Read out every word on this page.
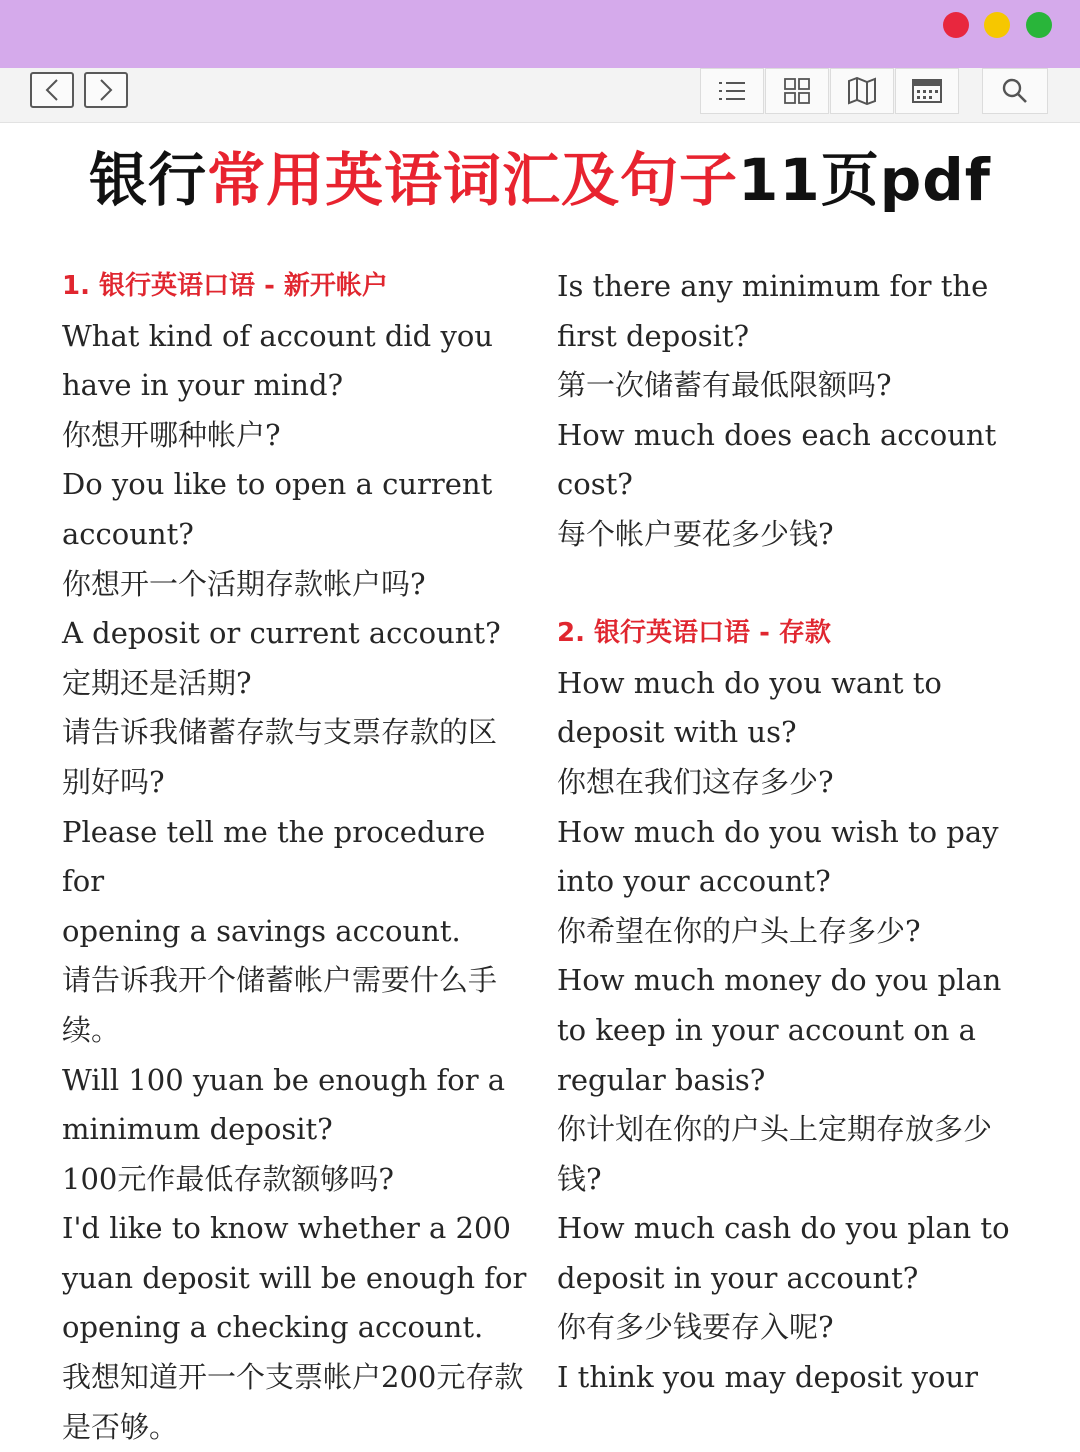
银行常用英语词汇及句子11页pdf
1. 银行英语口语 - 新开帐户
What kind of account did you
have in your mind?
你想开哪种帐户?
Do you like to open a current
account?
你想开一个活期存款帐户吗?
A deposit or current account?
定期还是活期?
请告诉我储蓄存款与支票存款的区
别好吗?
Please tell me the procedure for
opening a savings account.
请告诉我开个储蓄帐户需要什么手
续。
Will 100 yuan be enough for a
minimum deposit?
100元作最低存款额够吗?
I'd like to know whether a 200
yuan deposit will be enough for
opening a checking account.
我想知道开一个支票帐户200元存款
是否够。
Is there any minimum for the
first deposit?
第一次储蓄有最低限额吗?
How much does each account
cost?
每个帐户要花多少钱?
2. 银行英语口语 - 存款
How much do you want to
deposit with us?
你想在我们这存多少?
How much do you wish to pay
into your account?
你希望在你的户头上存多少?
How much money do you plan
to keep in your account on a
regular basis?
你计划在你的户头上定期存放多少
钱?
How much cash do you plan to
deposit in your account?
你有多少钱要存入呢?
I think you may deposit your
